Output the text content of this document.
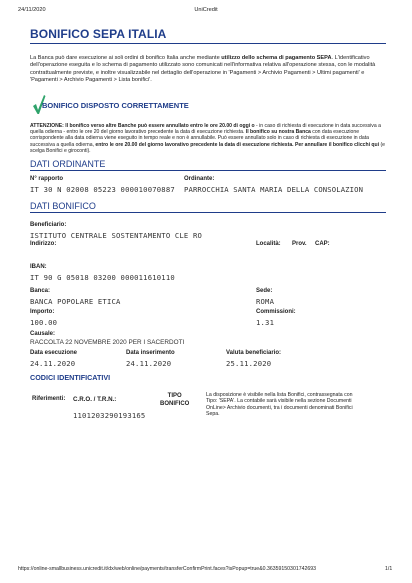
24/11/2020	UniCredit
BONIFICO SEPA ITALIA
La Banca può dare esecuzione ai soli ordini di bonifico Italia anche mediante utilizzo dello schema di pagamento SEPA. L'identificativo dell'operazione eseguita e lo schema di pagamento utilizzato sono comunicati nell'informativa relativa all'operazione stessa, con le modalità contrattualmente previste, e inoltre visualizzabile nel dettaglio dell'operazione in 'Pagamenti > Archivio Pagamenti > Ultimi pagamenti' e 'Pagamenti > Archivio Pagamenti > Lista bonifici'.
BONIFICO DISPOSTO CORRETTAMENTE
ATTENZIONE: Il bonifico verso altre Banche può essere annullato entro le ore 20.00 di oggi o - in caso di richiesta di esecuzione in data successiva a quella odierna - entro le ore 20 del giorno lavorativo precedente la data di esecuzione richiesta. Il bonifico su nostra Banca con data esecuzione corrispondente alla data odierna viene eseguito in tempo reale e non è annullabile. Può essere annullato solo in caso di richiesta di esecuzione in data successiva a quella odierna, entro le ore 20.00 del giorno lavorativo precedente la data di esecuzione richiesta. Per annullare il bonifico clicchi qui (e scelga Bonifici e giroconti).
DATI ORDINANTE
N° rapporto
IT 30 N 02008 05223 000010070887
Ordinante:
PARROCCHIA SANTA MARIA DELLA CONSOLAZION
DATI BONIFICO
Beneficiario:
ISTITUTO CENTRALE SOSTENTAMENTO CLE RO
Indirizzo:	Località: Prov. CAP:
IBAN:
IT 90 G 05018 03200 000011610110
Banca:
BANCA POPOLARE ETICA
Sede:
ROMA
Importo:
100.00
Commissioni:
1.31
Causale:
RACCOLTA 22 NOVEMBRE 2020 PER I SACERDOTI
Data esecuzione
24.11.2020
Data inserimento
24.11.2020
Valuta beneficiario:
25.11.2020
CODICI IDENTIFICATIVI
Riferimenti: C.R.O. / T.R.N.:
1101203290193165
TIPO
BONIFICO
La disposizione è visibile nella lista Bonifici, contrassegnata con Tipo: 'SEPA'. La contabile sarà visibile nella sezione Documenti OnLine> Archivio documenti, tra i documenti denominati Bonifici Sepa.
https://online-smallbusiness.unicredit.it/dx/web/online/payments/transferConfirmPrint.faces?isPopup=true&0.36359150301742693	1/1
